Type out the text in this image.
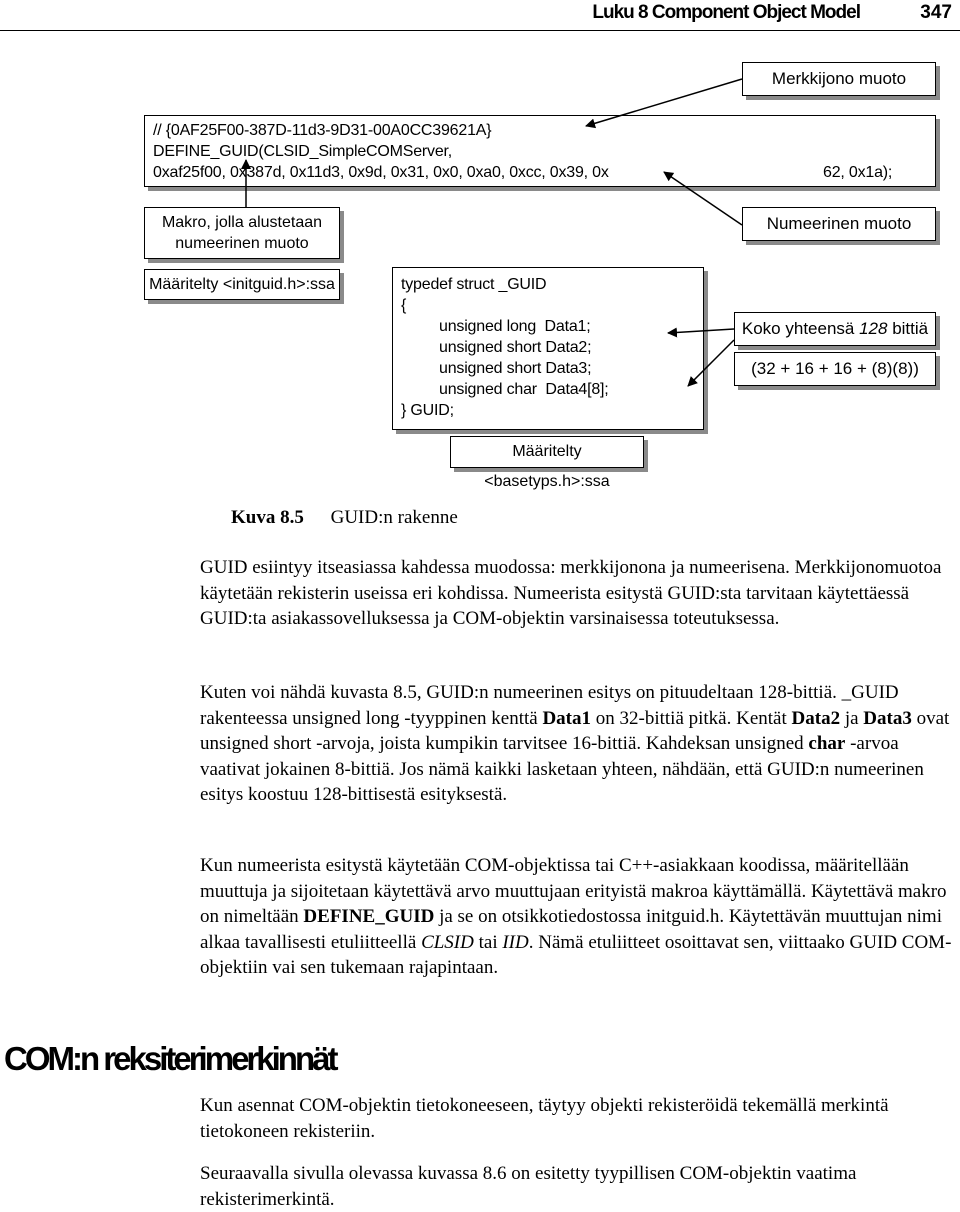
Luku 8 Component Object Model	347
Merkkijono muoto
// {0AF25F00-387D-11d3-9D31-00A0CC39621A}
DEFINE_GUID(CLSID_SimpleCOMServer,
0xaf25f00, 0x387d, 0x11d3, 0x9d, 0x31, 0x0, 0xa0, 0xcc, 0x39, 0x	62, 0x1a);
Makro, jolla alustetaan
numeerinen muoto
Numeerinen muoto
Määritelty <initguid.h>:ssa	typedef struct _GUID
{
unsigned long  Data1;
unsigned short Data2;
unsigned short Data3;
unsigned char  Data4[8];
} GUID;
Koko yhteensä 128 bittiä
(32 + 16 + 16 + (8)(8))
Määritelty <basetyps.h>:ssa
Kuva 8.5 GUID:n rakenne

GUID esiintyy itseasiassa kahdessa muodossa: merkkijonona ja numeerisena. Merkkijonomuotoa käytetään rekisterin useissa eri kohdissa. Numeerista esitystä GUID:sta tarvitaan käytettäessä GUID:ta asiakassovelluksessa ja COM-objektin varsinaisessa toteutuksessa.

Kuten voi nähdä kuvasta 8.5, GUID:n numeerinen esitys on pituudeltaan 128-bittiä. _GUID rakenteessa unsigned long -tyyppinen kenttä Data1 on 32-bittiä pitkä. Kentät Data2 ja Data3 ovat unsigned short -arvoja, joista kumpikin tarvitsee 16-bittiä. Kahdeksan unsigned char -arvoa vaativat jokainen 8-bittiä. Jos nämä kaikki lasketaan yhteen, nähdään, että GUID:n numeerinen esitys koostuu 128-bittisestä esityksestä.

Kun numeerista esitystä käytetään COM-objektissa tai C++-asiakkaan koodissa, määritellään muuttuja ja sijoitetaan käytettävä arvo muuttujaan erityistä makroa käyttämällä. Käytettävä makro on nimeltään DEFINE_GUID ja se on otsikkotiedostossa initguid.h. Käytettävän muuttujan nimi alkaa tavallisesti etuliitteellä CLSID tai IID. Nämä etuliitteet osoittavat sen, viittaako GUID COM-objektiin vai sen tukemaan rajapintaan.

COM:n reksiterimerkinnät

Kun asennat COM-objektin tietokoneeseen, täytyy objekti rekisteröidä tekemällä merkintä tietokoneen rekisteriin.

Seuraavalla sivulla olevassa kuvassa 8.6 on esitetty tyypillisen COM-objektin vaatima rekisterimerkintä.
